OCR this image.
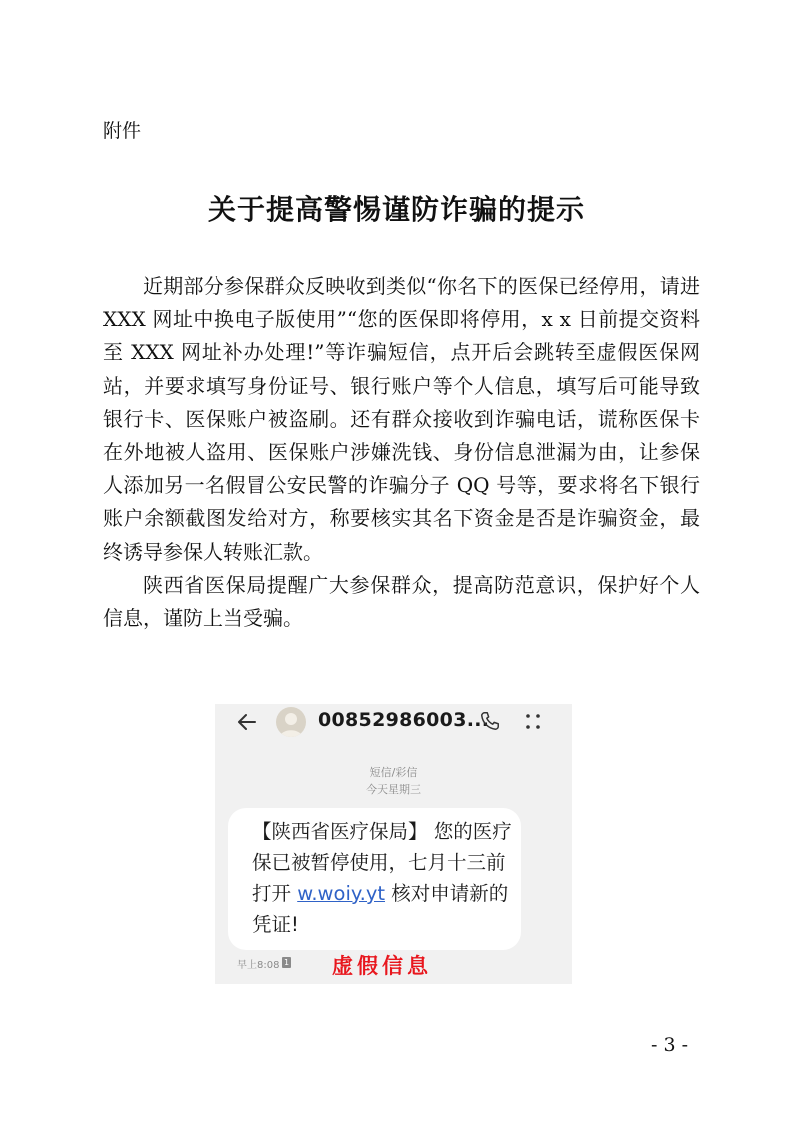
附件
关于提高警惕谨防诈骗的提示

近期部分参保群众反映收到类似“你名下的医保已经停用，请进 XXX 网址中换电子版使用”“您的医保即将停用，x x 日前提交资料至 XXX 网址补办处理!”等诈骗短信，点开后会跳转至虚假医保网站，并要求填写身份证号、银行账户等个人信息，填写后可能导致银行卡、医保账户被盗刷。还有群众接收到诈骗电话，谎称医保卡在外地被人盗用、医保账户涉嫌洗钱、身份信息泄漏为由，让参保人添加另一名假冒公安民警的诈骗分子 QQ 号等，要求将名下银行账户余额截图发给对方，称要核实其名下资金是否是诈骗资金，最终诱导参保人转账汇款。

陕西省医保局提醒广大参保群众，提高防范意识，保护好个人信息，谨防上当受骗。

00852986003...
短信/彩信
今天星期三

【陕西省医疗保局】 您的医疗保已被暂停使用，七月十三前打开 w.woiy.yt 核对申请新的凭证!

早上8:08 1 虚假信息
- 3 -
